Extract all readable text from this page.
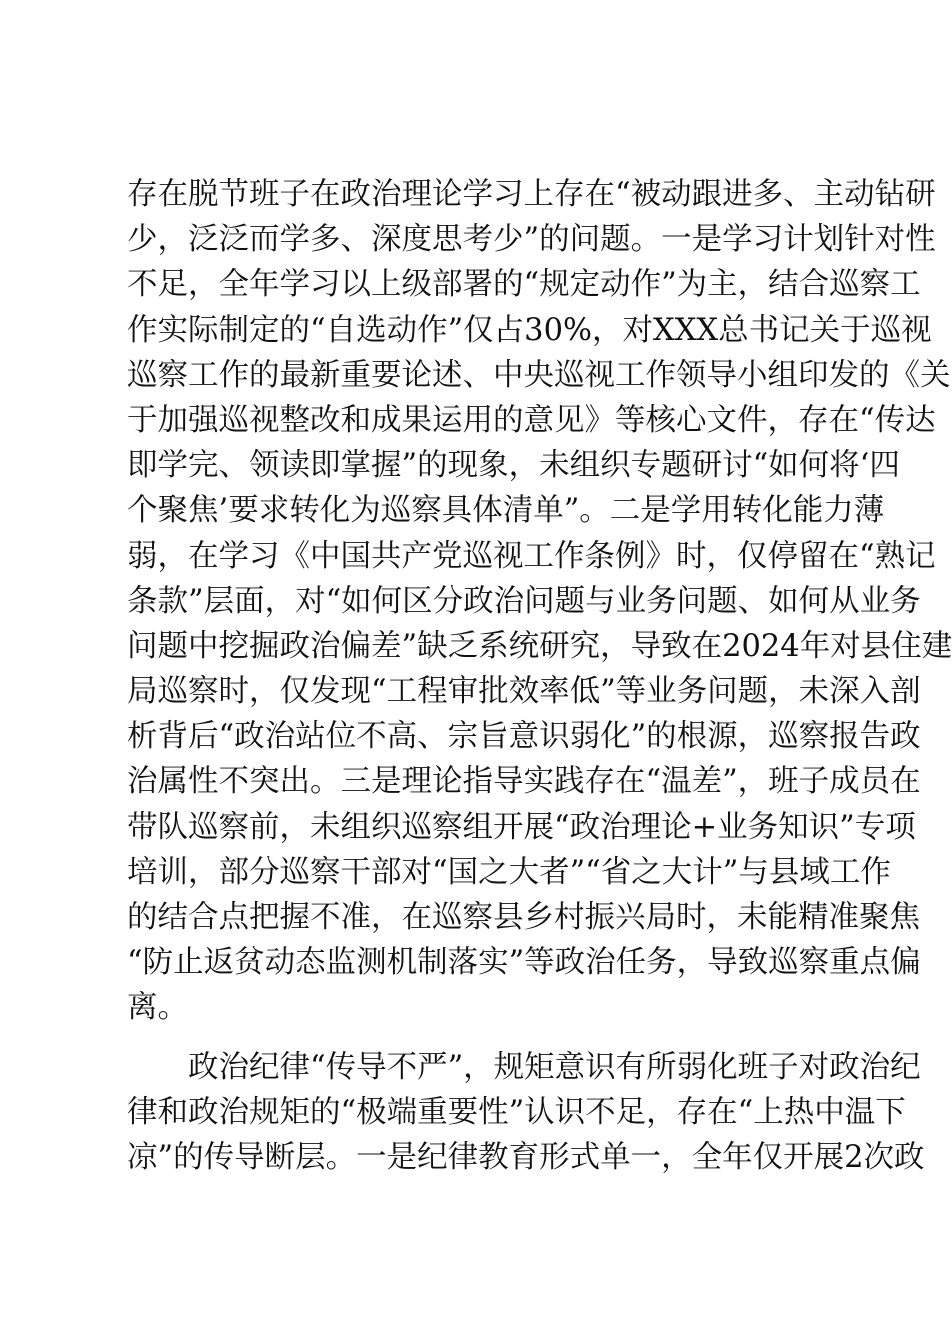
存在脱节班子在政治理论学习上存在“被动跟进多、主动钻研
少，泛泛而学多、深度思考少”的问题。一是学习计划针对性
不足，全年学习以上级部署的“规定动作”为主，结合巡察工
作实际制定的“自选动作”仅占30%，对XXX总书记关于巡视
巡察工作的最新重要论述、中央巡视工作领导小组印发的《关
于加强巡视整改和成果运用的意见》等核心文件，存在“传达
即学完、领读即掌握”的现象，未组织专题研讨“如何将‘四
个聚焦’要求转化为巡察具体清单”。二是学用转化能力薄
弱，在学习《中国共产党巡视工作条例》时，仅停留在“熟记
条款”层面，对“如何区分政治问题与业务问题、如何从业务
问题中挖掘政治偏差”缺乏系统研究，导致在2024年对县住建
局巡察时，仅发现“工程审批效率低”等业务问题，未深入剖
析背后“政治站位不高、宗旨意识弱化”的根源，巡察报告政
治属性不突出。三是理论指导实践存在“温差”，班子成员在
带队巡察前，未组织巡察组开展“政治理论+业务知识”专项
培训，部分巡察干部对“国之大者”“省之大计”与县域工作
的结合点把握不准，在巡察县乡村振兴局时，未能精准聚焦
“防止返贫动态监测机制落实”等政治任务，导致巡察重点偏
离。
　　政治纪律“传导不严”，规矩意识有所弱化班子对政治纪
律和政治规矩的“极端重要性”认识不足，存在“上热中温下
凉”的传导断层。一是纪律教育形式单一，全年仅开展2次政
